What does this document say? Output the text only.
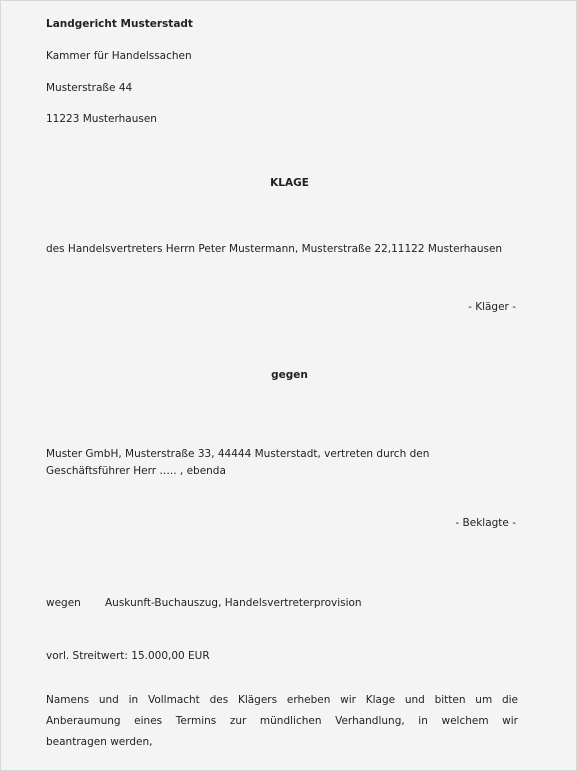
Landgericht Musterstadt
Kammer für Handelssachen
Musterstraße 44
11223 Musterhausen
KLAGE
des Handelsvertreters Herrn Peter Mustermann, Musterstraße 22,11122 Musterhausen
- Kläger -
gegen
Muster GmbH, Musterstraße 33, 44444 Musterstadt, vertreten durch den
Geschäftsführer Herr ….. , ebenda
- Beklagte -
wegen Auskunft-Buchauszug, Handelsvertreterprovision
vorl. Streitwert: 15.000,00 EUR
Namens und in Vollmacht des Klägers erheben wir Klage und bitten um die
Anberaumung eines Termins zur mündlichen Verhandlung, in welchem wir
beantragen werden,
